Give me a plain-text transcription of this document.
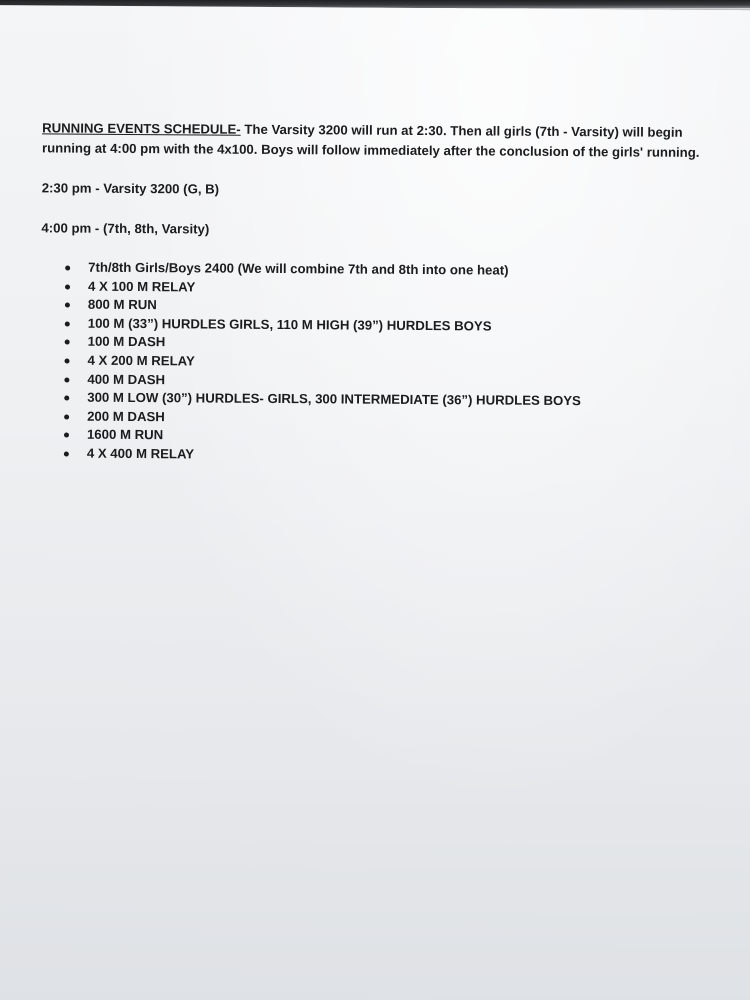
RUNNING EVENTS SCHEDULE- The Varsity 3200 will run at 2:30. Then all girls (7th - Varsity) will begin running at 4:00 pm with the 4x100. Boys will follow immediately after the conclusion of the girls' running.

2:30 pm - Varsity 3200 (G, B)

4:00 pm - (7th, 8th, Varsity)

7th/8th Girls/Boys 2400 (We will combine 7th and 8th into one heat)
4 X 100 M RELAY
800 M RUN
100 M (33”) HURDLES GIRLS, 110 M HIGH (39”) HURDLES BOYS
100 M DASH
4 X 200 M RELAY
400 M DASH
300 M LOW (30”) HURDLES- GIRLS, 300 INTERMEDIATE (36”) HURDLES BOYS
200 M DASH
1600 M RUN
4 X 400 M RELAY
